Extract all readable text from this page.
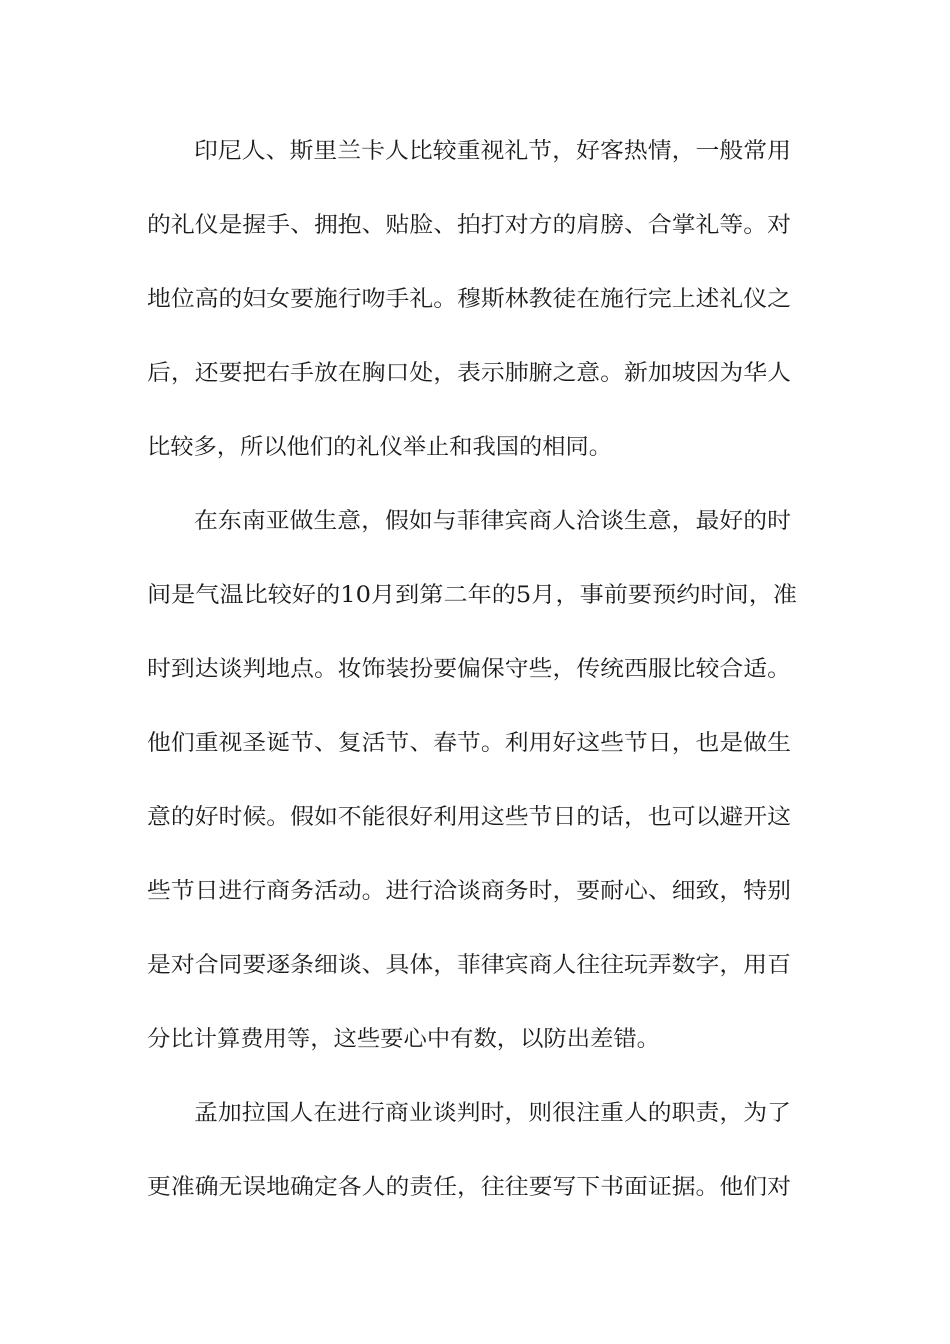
印尼人、斯里兰卡人比较重视礼节，好客热情，一般常用
的礼仪是握手、拥抱、贴脸、拍打对方的肩膀、合掌礼等。对
地位高的妇女要施行吻手礼。穆斯林教徒在施行完上述礼仪之
后，还要把右手放在胸口处，表示肺腑之意。新加坡因为华人
比较多，所以他们的礼仪举止和我国的相同。
在东南亚做生意，假如与菲律宾商人洽谈生意，最好的时
间是气温比较好的10月到第二年的5月，事前要预约时间，准
时到达谈判地点。妆饰装扮要偏保守些，传统西服比较合适。
他们重视圣诞节、复活节、春节。利用好这些节日，也是做生
意的好时候。假如不能很好利用这些节日的话，也可以避开这
些节日进行商务活动。进行洽谈商务时，要耐心、细致，特别
是对合同要逐条细谈、具体，菲律宾商人往往玩弄数字，用百
分比计算费用等，这些要心中有数，以防出差错。
孟加拉国人在进行商业谈判时，则很注重人的职责，为了
更准确无误地确定各人的责任，往往要写下书面证据。他们对
